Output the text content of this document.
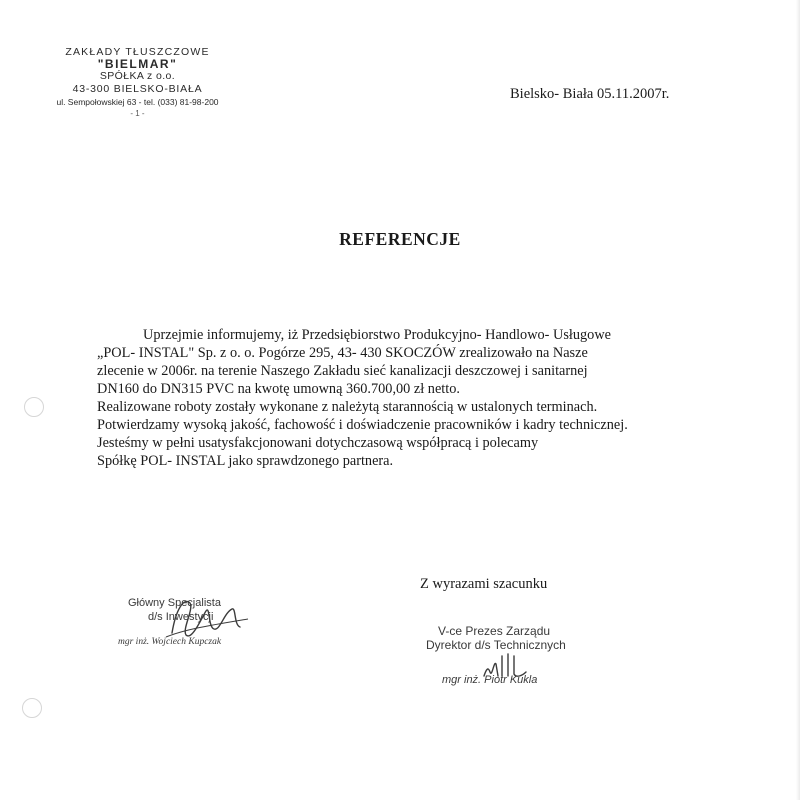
ZAKŁADY TŁUSZCZOWE
"BIELMAR"
SPÓŁKA z o.o.
43-300 BIELSKO-BIAŁA
ul. Sempołowskiej 63 - tel. (033) 81-98-200
- 1 -
Bielsko- Biała 05.11.2007r.
REFERENCJE
Uprzejmie informujemy, iż Przedsiębiorstwo Produkcyjno- Handlowo- Usługowe
„POL- INSTAL" Sp. z o. o. Pogórze 295, 43- 430 SKOCZÓW zrealizowało na Nasze
zlecenie w 2006r. na terenie Naszego Zakładu sieć kanalizacji deszczowej i sanitarnej
DN160 do DN315 PVC na kwotę umowną 360.700,00 zł netto.
Realizowane roboty zostały wykonane z należytą starannością w ustalonych terminach.
Potwierdzamy wysoką jakość, fachowość i doświadczenie pracowników i kadry technicznej.
Jesteśmy w pełni usatysfakcjonowani dotychczasową współpracą i polecamy
Spółkę POL- INSTAL jako sprawdzonego partnera.
Główny Specjalista
d/s Inwestycji
mgr inż. Wojciech Kupczak
Z wyrazami szacunku
V-ce Prezes Zarządu
Dyrektor d/s Technicznych
mgr inż. Piotr Kukla
